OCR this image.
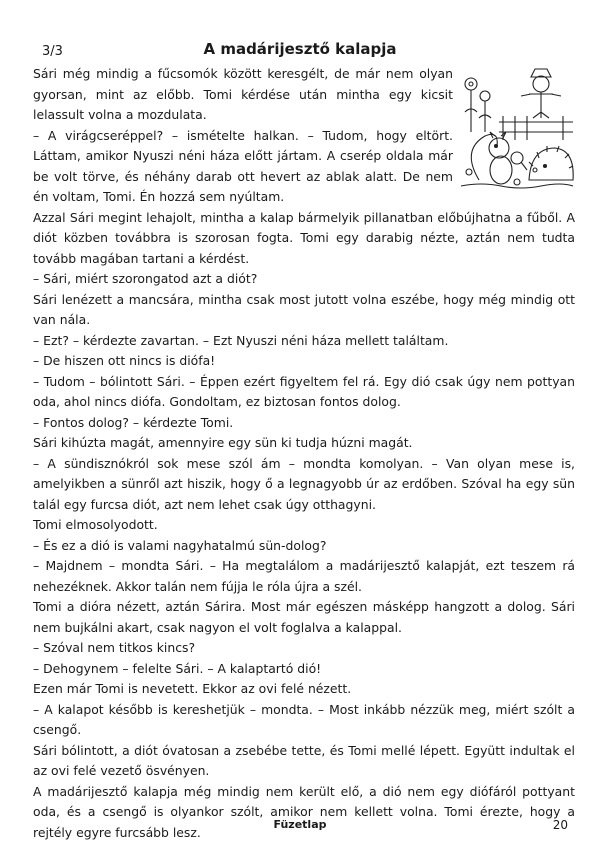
3/3	A madárijesztő kalapja

Sári még mindig a fűcsomók között keresgélt, de már nem olyan gyorsan, mint az előbb. Tomi kérdése után mintha egy kicsit lelassult volna a mozdulata.

– A virágcseréppel? – ismételte halkan. – Tudom, hogy eltört. Láttam, amikor Nyuszi néni háza előtt jártam. A cserép oldala már be volt törve, és néhány darab ott hevert az ablak alatt. De nem én voltam, Tomi. Én hozzá sem nyúltam.

Azzal Sári megint lehajolt, mintha a kalap bármelyik pillanatban előbújhatna a fűből. A diót közben továbbra is szorosan fogta. Tomi egy darabig nézte, aztán nem tudta tovább magában tartani a kérdést.

– Sári, miért szorongatod azt a diót?

Sári lenézett a mancsára, mintha csak most jutott volna eszébe, hogy még mindig ott van nála.

– Ezt? – kérdezte zavartan. – Ezt Nyuszi néni háza mellett találtam.

– De hiszen ott nincs is diófa!

– Tudom – bólintott Sári. – Éppen ezért figyeltem fel rá. Egy dió csak úgy nem pottyan oda, ahol nincs diófa. Gondoltam, ez biztosan fontos dolog.

– Fontos dolog? – kérdezte Tomi.

Sári kihúzta magát, amennyire egy sün ki tudja húzni magát.

– A sündisznókról sok mese szól ám – mondta komolyan. – Van olyan mese is, amelyikben a sünről azt hiszik, hogy ő a legnagyobb úr az erdőben. Szóval ha egy sün talál egy furcsa diót, azt nem lehet csak úgy otthagyni.

Tomi elmosolyodott.

– És ez a dió is valami nagyhatalmú sün-dolog?

– Majdnem – mondta Sári. – Ha megtalálom a madárijesztő kalapját, ezt teszem rá nehezéknek. Akkor talán nem fújja le róla újra a szél.

Tomi a dióra nézett, aztán Sárira. Most már egészen másképp hangzott a dolog. Sári nem bujkálni akart, csak nagyon el volt foglalva a kalappal.

– Szóval nem titkos kincs?

– Dehogynem – felelte Sári. – A kalaptartó dió!

Ezen már Tomi is nevetett. Ekkor az ovi felé nézett.

– A kalapot később is kereshetjük – mondta. – Most inkább nézzük meg, miért szólt a csengő.

Sári bólintott, a diót óvatosan a zsebébe tette, és Tomi mellé lépett. Együtt indultak el az ovi felé vezető ösvényen.

A madárijesztő kalapja még mindig nem került elő, a dió nem egy diófáról pottyant oda, és a csengő is olyankor szólt, amikor nem kellett volna. Tomi érezte, hogy a rejtély egyre furcsább lesz.	Füzetlap	20
